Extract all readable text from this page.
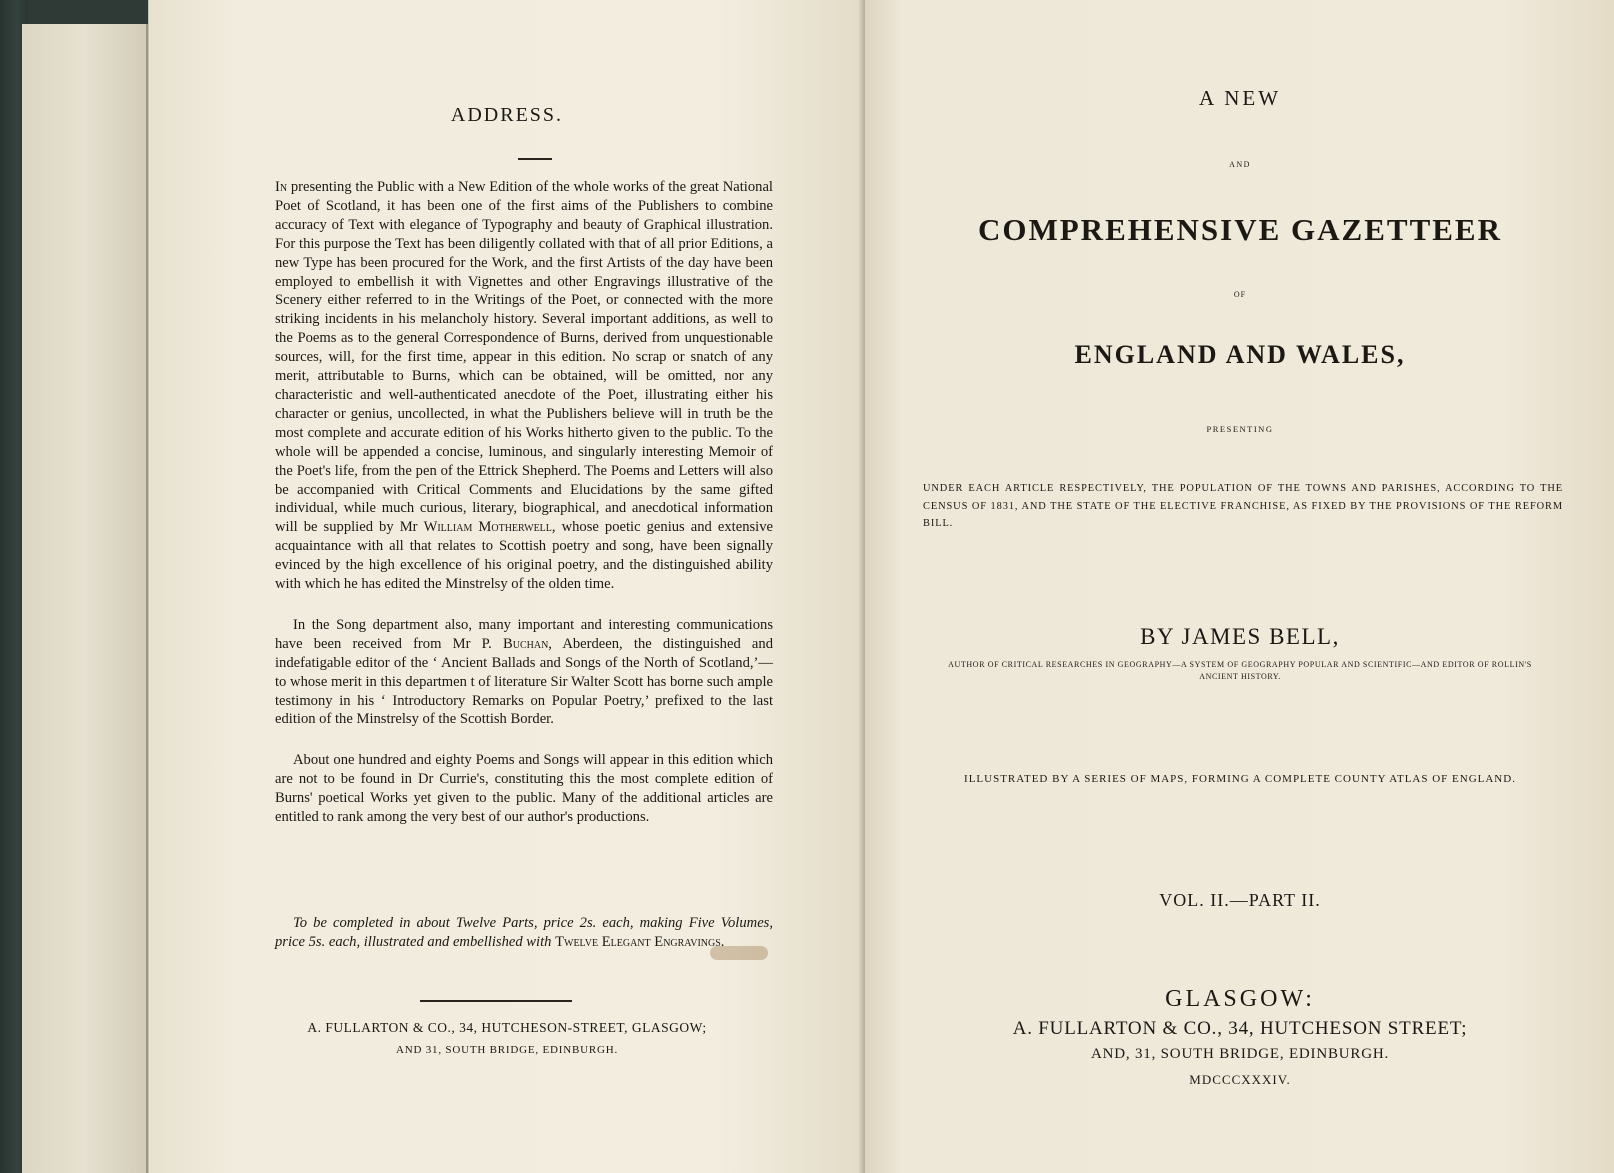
ADDRESS.

In presenting the Public with a New Edition of the whole works of the great National Poet of Scotland, it has been one of the first aims of the Publishers to combine accuracy of Text with elegance of Typography and beauty of Graphical illustration. For this purpose the Text has been diligently collated with that of all prior Editions, a new Type has been procured for the Work, and the first Artists of the day have been employed to embellish it with Vignettes and other Engravings illustrative of the Scenery either referred to in the Writings of the Poet, or connected with the more striking incidents in his melancholy history. Several important additions, as well to the Poems as to the general Correspondence of Burns, derived from unquestionable sources, will, for the first time, appear in this edition. No scrap or snatch of any merit, attributable to Burns, which can be obtained, will be omitted, nor any characteristic and well-authenticated anecdote of the Poet, illustrating either his character or genius, uncollected, in what the Publishers believe will in truth be the most complete and accurate edition of his Works hitherto given to the public. To the whole will be appended a concise, luminous, and singularly interesting Memoir of the Poet's life, from the pen of the Ettrick Shepherd. The Poems and Letters will also be accompanied with Critical Comments and Elucidations by the same gifted individual, while much curious, literary, biographical, and anecdotical information will be supplied by Mr William Motherwell, whose poetic genius and extensive acquaintance with all that relates to Scottish poetry and song, have been signally evinced by the high excellence of his original poetry, and the distinguished ability with which he has edited the Minstrelsy of the olden time.

In the Song department also, many important and interesting communications have been received from Mr P. Buchan, Aberdeen, the distinguished and indefatigable editor of the ‘ Ancient Ballads and Songs of the North of Scotland,’—to whose merit in this departmen t of literature Sir Walter Scott has borne such ample testimony in his ‘ Introductory Remarks on Popular Poetry,’ prefixed to the last edition of the Minstrelsy of the Scottish Border.

About one hundred and eighty Poems and Songs will appear in this edition which are not to be found in Dr Currie's, constituting this the most complete edition of Burns' poetical Works yet given to the public. Many of the additional articles are entitled to rank among the very best of our author's productions.

To be completed in about Twelve Parts, price 2s. each, making Five Volumes, price 5s. each, illustrated and embellished with Twelve Elegant Engravings.
A. FULLARTON & CO., 34, HUTCHESON-STREET, GLASGOW;
AND 31, SOUTH BRIDGE, EDINBURGH.
A NEW
AND
COMPREHENSIVE GAZETTEER
OF
ENGLAND AND WALES,
PRESENTING
UNDER EACH ARTICLE RESPECTIVELY, THE POPULATION OF THE TOWNS AND PARISHES, ACCORDING TO THE CENSUS OF 1831, AND THE STATE OF THE ELECTIVE FRANCHISE, AS FIXED BY THE PROVISIONS OF THE REFORM BILL.
BY JAMES BELL,
AUTHOR OF CRITICAL RESEARCHES IN GEOGRAPHY—A SYSTEM OF GEOGRAPHY POPULAR AND SCIENTIFIC—AND EDITOR OF ROLLIN'S ANCIENT HISTORY.
ILLUSTRATED BY A SERIES OF MAPS, FORMING A COMPLETE COUNTY ATLAS OF ENGLAND.
VOL. II.—PART II.
GLASGOW:
A. FULLARTON & CO., 34, HUTCHESON STREET;
AND, 31, SOUTH BRIDGE, EDINBURGH.
MDCCCXXXIV.
